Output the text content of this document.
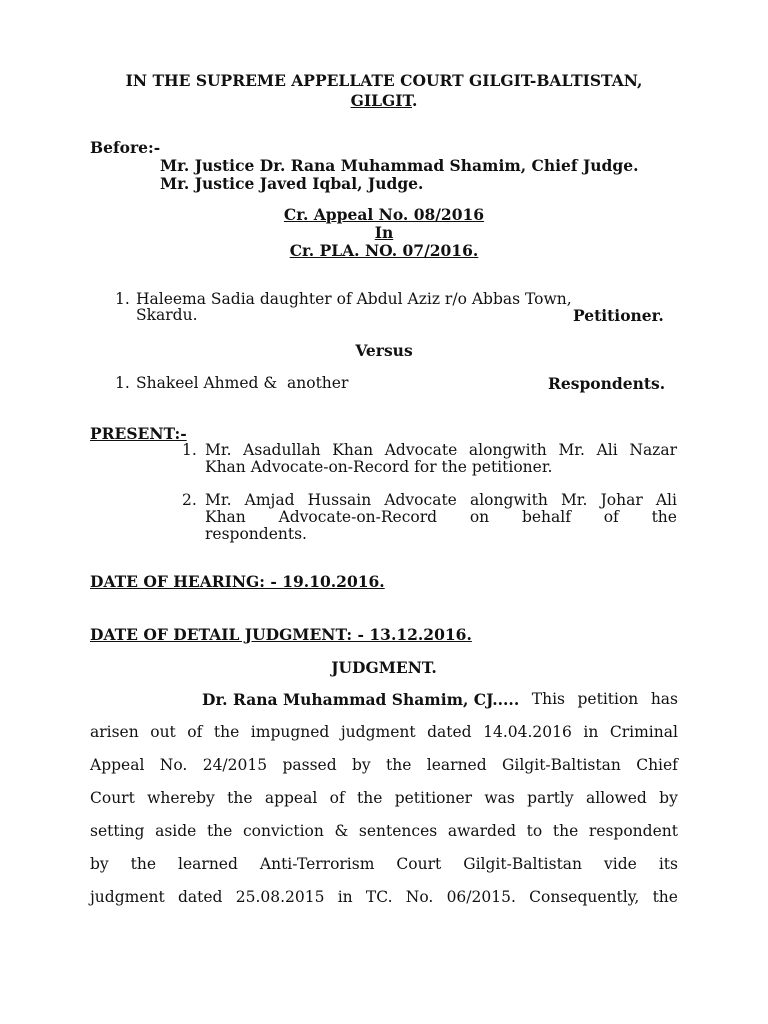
IN THE SUPREME APPELLATE COURT GILGIT-BALTISTAN,
GILGIT.
Before:-
Mr. Justice Dr. Rana Muhammad Shamim, Chief Judge.
Mr. Justice Javed Iqbal, Judge.
Cr. Appeal No. 08/2016
In
Cr. PLA. NO. 07/2016.
1. Haleema Sadia daughter of Abdul Aziz r/o Abbas Town,
Skardu.	Petitioner.
Versus
1. Shakeel Ahmed &  another	Respondents.
PRESENT:-
1. Mr. Asadullah Khan Advocate alongwith Mr. Ali Nazar
Khan Advocate-on-Record for the petitioner.
2. Mr. Amjad Hussain Advocate alongwith Mr. Johar Ali
Khan Advocate-on-Record on behalf of the
respondents.
DATE OF HEARING: - 19.10.2016.
DATE OF DETAIL JUDGMENT: - 13.12.2016.
JUDGMENT.
Dr. Rana Muhammad Shamim, CJ..... This petition has
arisen out of the impugned judgment dated 14.04.2016 in Criminal
Appeal No. 24/2015 passed by the learned Gilgit-Baltistan Chief
Court whereby the appeal of the petitioner was partly allowed by
setting aside the conviction & sentences awarded to the respondent
by the learned Anti-Terrorism Court Gilgit-Baltistan vide its
judgment dated 25.08.2015 in TC. No. 06/2015. Consequently, the
